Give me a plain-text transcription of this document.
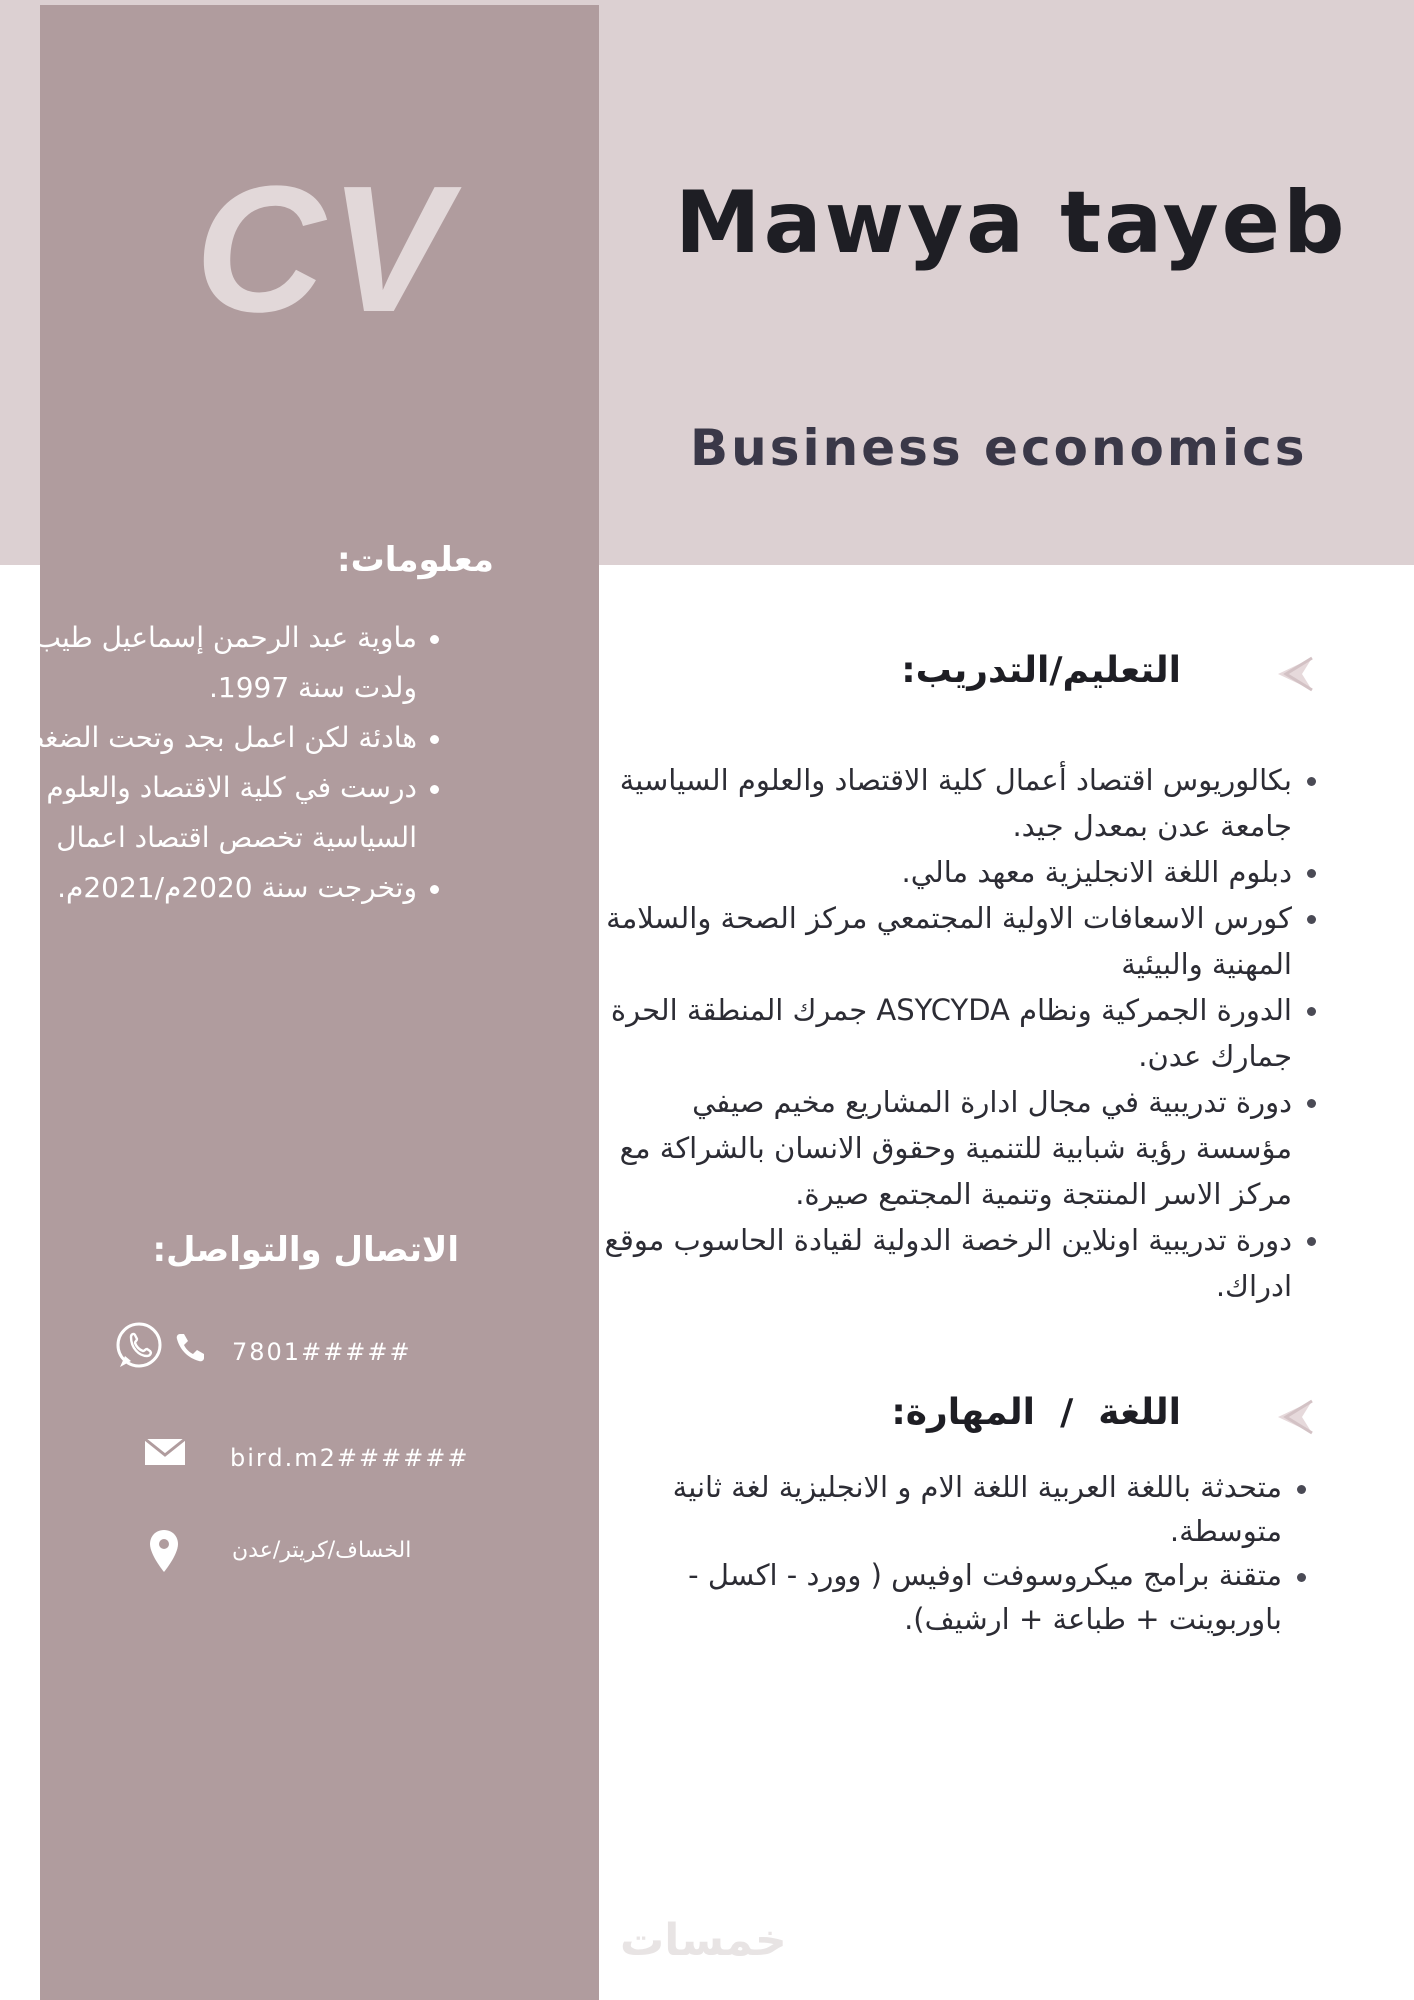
CV	Mawya tayeb
Business economics
معلومات:
ماوية عبد الرحمن إسماعيل طيب. ولدت سنة 1997.
هادئة لكن اعمل بجد وتحت الضغط.
درست في كلية الاقتصاد والعلوم السياسية تخصص اقتصاد اعمال
وتخرجت سنة 2020م/2021م.
الاتصال والتواصل:
7801#####
bird.m2######
الخساف/كريتر/عدن
التعليم/التدريب:
بكالوريوس اقتصاد أعمال كلية الاقتصاد والعلوم السياسية جامعة عدن بمعدل جيد.
دبلوم اللغة الانجليزية معهد مالي.
كورس الاسعافات الاولية المجتمعي مركز الصحة والسلامة المهنية والبيئية
الدورة الجمركية ونظام ASYCYDA جمرك المنطقة الحرة جمارك عدن.
دورة تدريبية في مجال ادارة المشاريع مخيم صيفي مؤسسة رؤية شبابية للتنمية وحقوق الانسان بالشراكة مع مركز الاسر المنتجة وتنمية المجتمع صيرة.
دورة تدريبية اونلاين الرخصة الدولية لقيادة الحاسوب موقع ادراك.
اللغة  /  المهارة:
متحدثة باللغة العربية اللغة الام و الانجليزية لغة ثانية متوسطة.
متقنة برامج ميكروسوفت اوفيس ( وورد - اكسل - باوربوينت + طباعة + ارشيف).
خمسات
